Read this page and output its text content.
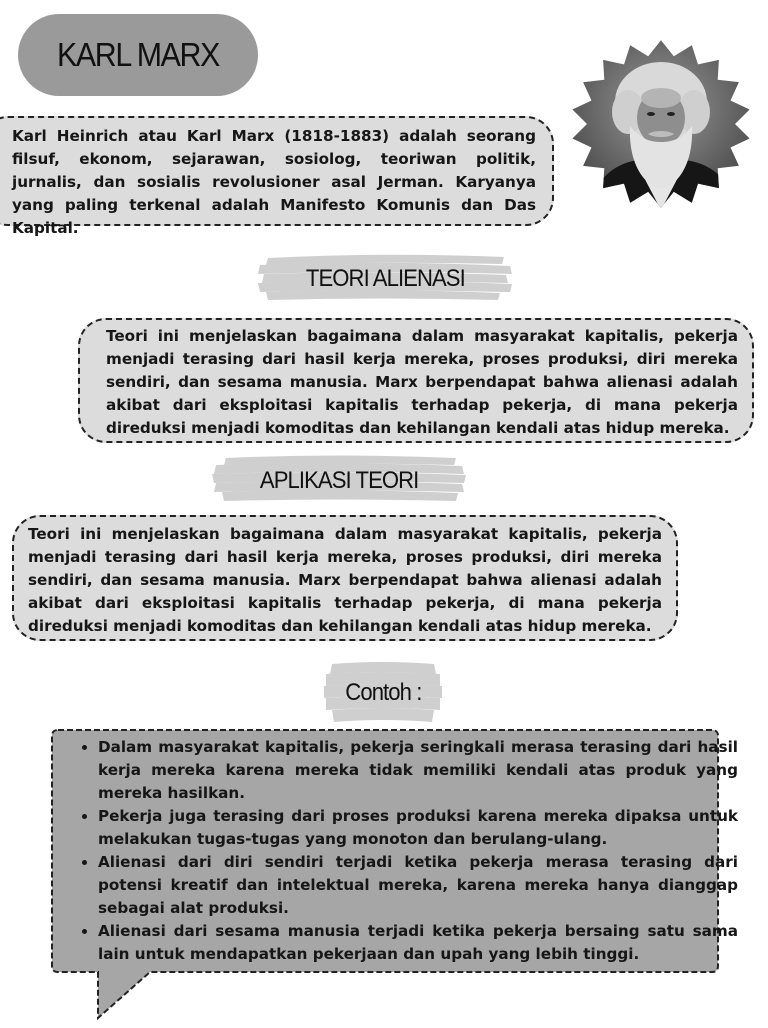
KARL MARX
Karl Heinrich atau Karl Marx (1818-1883) adalah seorang filsuf, ekonom, sejarawan, sosiolog, teoriwan politik, jurnalis, dan sosialis revolusioner asal Jerman. Karyanya yang paling terkenal adalah Manifesto Komunis dan Das Kapital.
TEORI ALIENASI
Teori ini menjelaskan bagaimana dalam masyarakat kapitalis, pekerja menjadi terasing dari hasil kerja mereka, proses produksi, diri mereka sendiri, dan sesama manusia. Marx berpendapat bahwa alienasi adalah akibat dari eksploitasi kapitalis terhadap pekerja, di mana pekerja direduksi menjadi komoditas dan kehilangan kendali atas hidup mereka.
APLIKASI TEORI
Teori ini menjelaskan bagaimana dalam masyarakat kapitalis, pekerja menjadi terasing dari hasil kerja mereka, proses produksi, diri mereka sendiri, dan sesama manusia. Marx berpendapat bahwa alienasi adalah akibat dari eksploitasi kapitalis terhadap pekerja, di mana pekerja direduksi menjadi komoditas dan kehilangan kendali atas hidup mereka.
Contoh :
• Dalam masyarakat kapitalis, pekerja seringkali merasa terasing dari hasil kerja mereka karena mereka tidak memiliki kendali atas produk yang mereka hasilkan.
• Pekerja juga terasing dari proses produksi karena mereka dipaksa untuk melakukan tugas-tugas yang monoton dan berulang-ulang.
• Alienasi dari diri sendiri terjadi ketika pekerja merasa terasing dari potensi kreatif dan intelektual mereka, karena mereka hanya dianggap sebagai alat produksi.
• Alienasi dari sesama manusia terjadi ketika pekerja bersaing satu sama lain untuk mendapatkan pekerjaan dan upah yang lebih tinggi.
